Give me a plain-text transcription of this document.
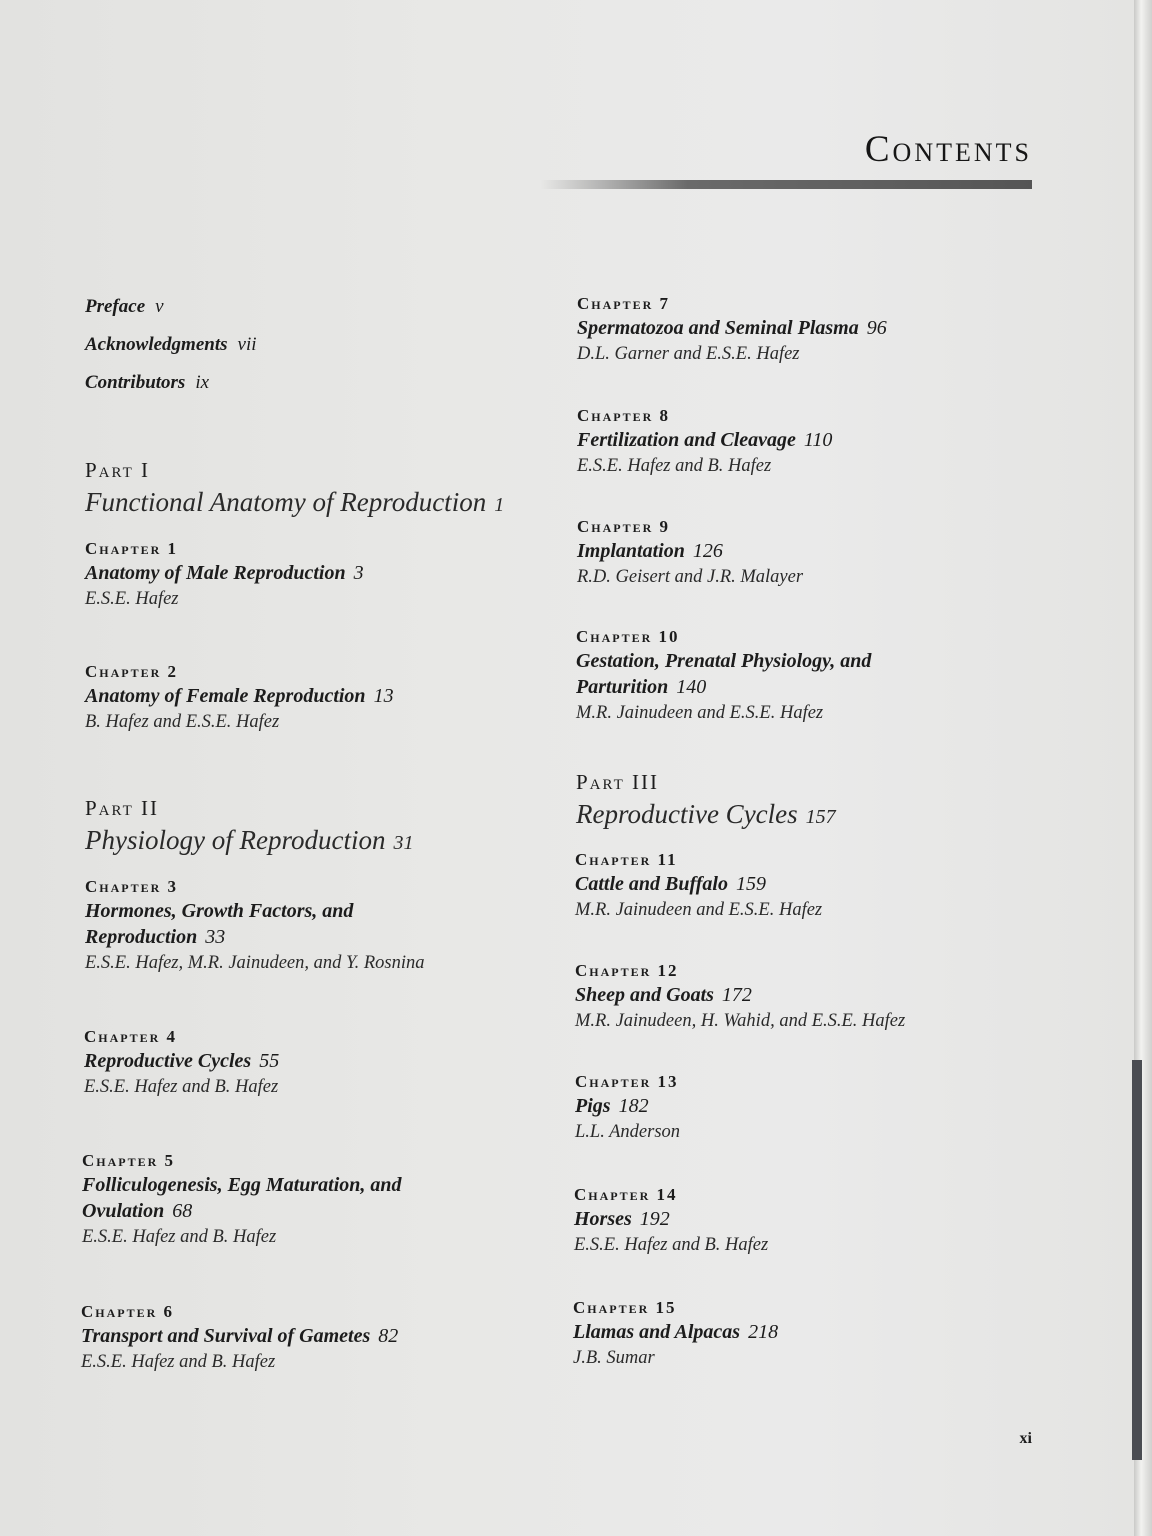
Contents
Preface v
Acknowledgments vii
Contributors ix
Part I
Functional Anatomy of Reproduction 1
Chapter 1
Anatomy of Male Reproduction 3
E.S.E. Hafez
Chapter 2
Anatomy of Female Reproduction 13
B. Hafez and E.S.E. Hafez
Part II
Physiology of Reproduction 31
Chapter 3
Hormones, Growth Factors, and
Reproduction 33
E.S.E. Hafez, M.R. Jainudeen, and Y. Rosnina
Chapter 4
Reproductive Cycles 55
E.S.E. Hafez and B. Hafez
Chapter 5
Folliculogenesis, Egg Maturation, and
Ovulation 68
E.S.E. Hafez and B. Hafez
Chapter 6
Transport and Survival of Gametes 82
E.S.E. Hafez and B. Hafez
Chapter 7
Spermatozoa and Seminal Plasma 96
D.L. Garner and E.S.E. Hafez
Chapter 8
Fertilization and Cleavage 110
E.S.E. Hafez and B. Hafez
Chapter 9
Implantation 126
R.D. Geisert and J.R. Malayer
Chapter 10
Gestation, Prenatal Physiology, and
Parturition 140
M.R. Jainudeen and E.S.E. Hafez
Part III
Reproductive Cycles 157
Chapter 11
Cattle and Buffalo 159
M.R. Jainudeen and E.S.E. Hafez
Chapter 12
Sheep and Goats 172
M.R. Jainudeen, H. Wahid, and E.S.E. Hafez
Chapter 13
Pigs 182
L.L. Anderson
Chapter 14
Horses 192
E.S.E. Hafez and B. Hafez
Chapter 15
Llamas and Alpacas 218
J.B. Sumar
xi
